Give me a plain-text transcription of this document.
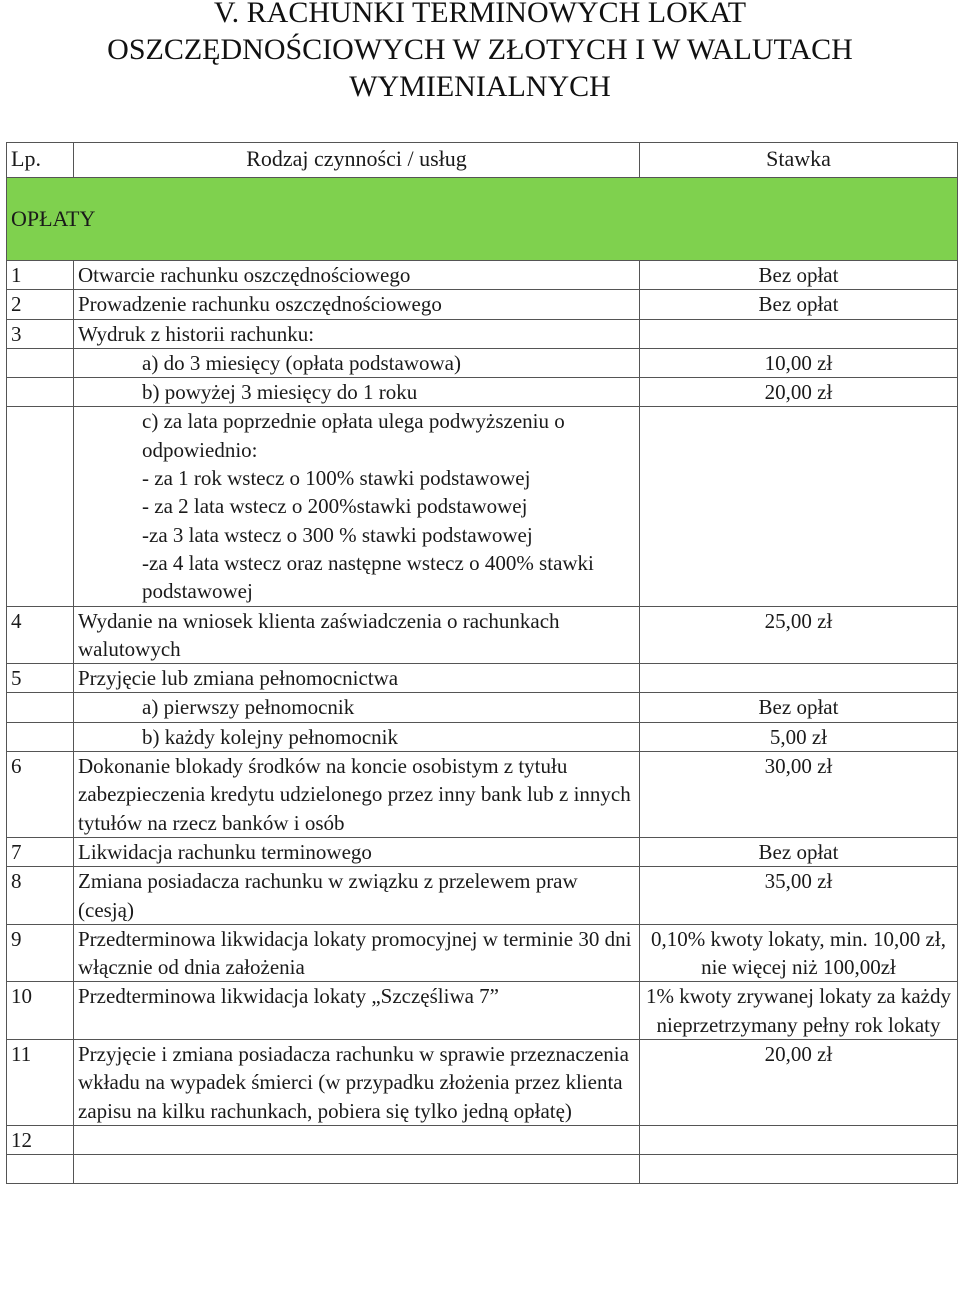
V. RACHUNKI TERMINOWYCH LOKAT
OSZCZĘDNOŚCIOWYCH W ZŁOTYCH I W WALUTACH
WYMIENIALNYCH
Lp.	Rodzaj czynności / usług	Stawka
OPŁATY		
1	Otwarcie rachunku oszczędnościowego	Bez opłat
2	Prowadzenie rachunku oszczędnościowego	Bez opłat
3	Wydruk z historii rachunku:	

	a) do 3 miesięcy (opłata podstawowa)	10,00 zł

	b) powyżej 3 miesięcy do 1 roku	20,00 zł

	c) za lata poprzednie opłata ulega podwyższeniu o odpowiednio:
- za 1 rok wstecz o 100% stawki podstawowej
- za 2 lata wstecz o 200%stawki podstawowej
-za 3 lata wstecz o 300 % stawki podstawowej
-za 4 lata wstecz oraz następne wstecz o 400% stawki podstawowej	

4	Wydanie na wniosek klienta zaświadczenia o rachunkach walutowych	25,00 zł
5	Przyjęcie lub zmiana pełnomocnictwa	

	a) pierwszy pełnomocnik	Bez opłat

	b) każdy kolejny pełnomocnik	5,00 zł
6	Dokonanie blokady środków na koncie osobistym z tytułu zabezpieczenia kredytu udzielonego przez inny bank lub z innych tytułów na rzecz banków i osób	30,00 zł
7	Likwidacja rachunku terminowego	Bez opłat
8	Zmiana posiadacza rachunku w związku z przelewem praw (cesją)	35,00 zł
9	Przedterminowa likwidacja lokaty promocyjnej w terminie 30 dni włącznie od dnia założenia	0,10% kwoty lokaty, min. 10,00 zł, nie więcej niż 100,00zł
10	Przedterminowa likwidacja lokaty „Szczęśliwa 7”	1% kwoty zrywanej lokaty za każdy nieprzetrzymany pełny rok lokaty
11	Przyjęcie i zmiana posiadacza rachunku w sprawie przeznaczenia wkładu na wypadek śmierci (w przypadku złożenia przez klienta zapisu na kilku rachunkach, pobiera się tylko jedną opłatę)	20,00 zł
12		
